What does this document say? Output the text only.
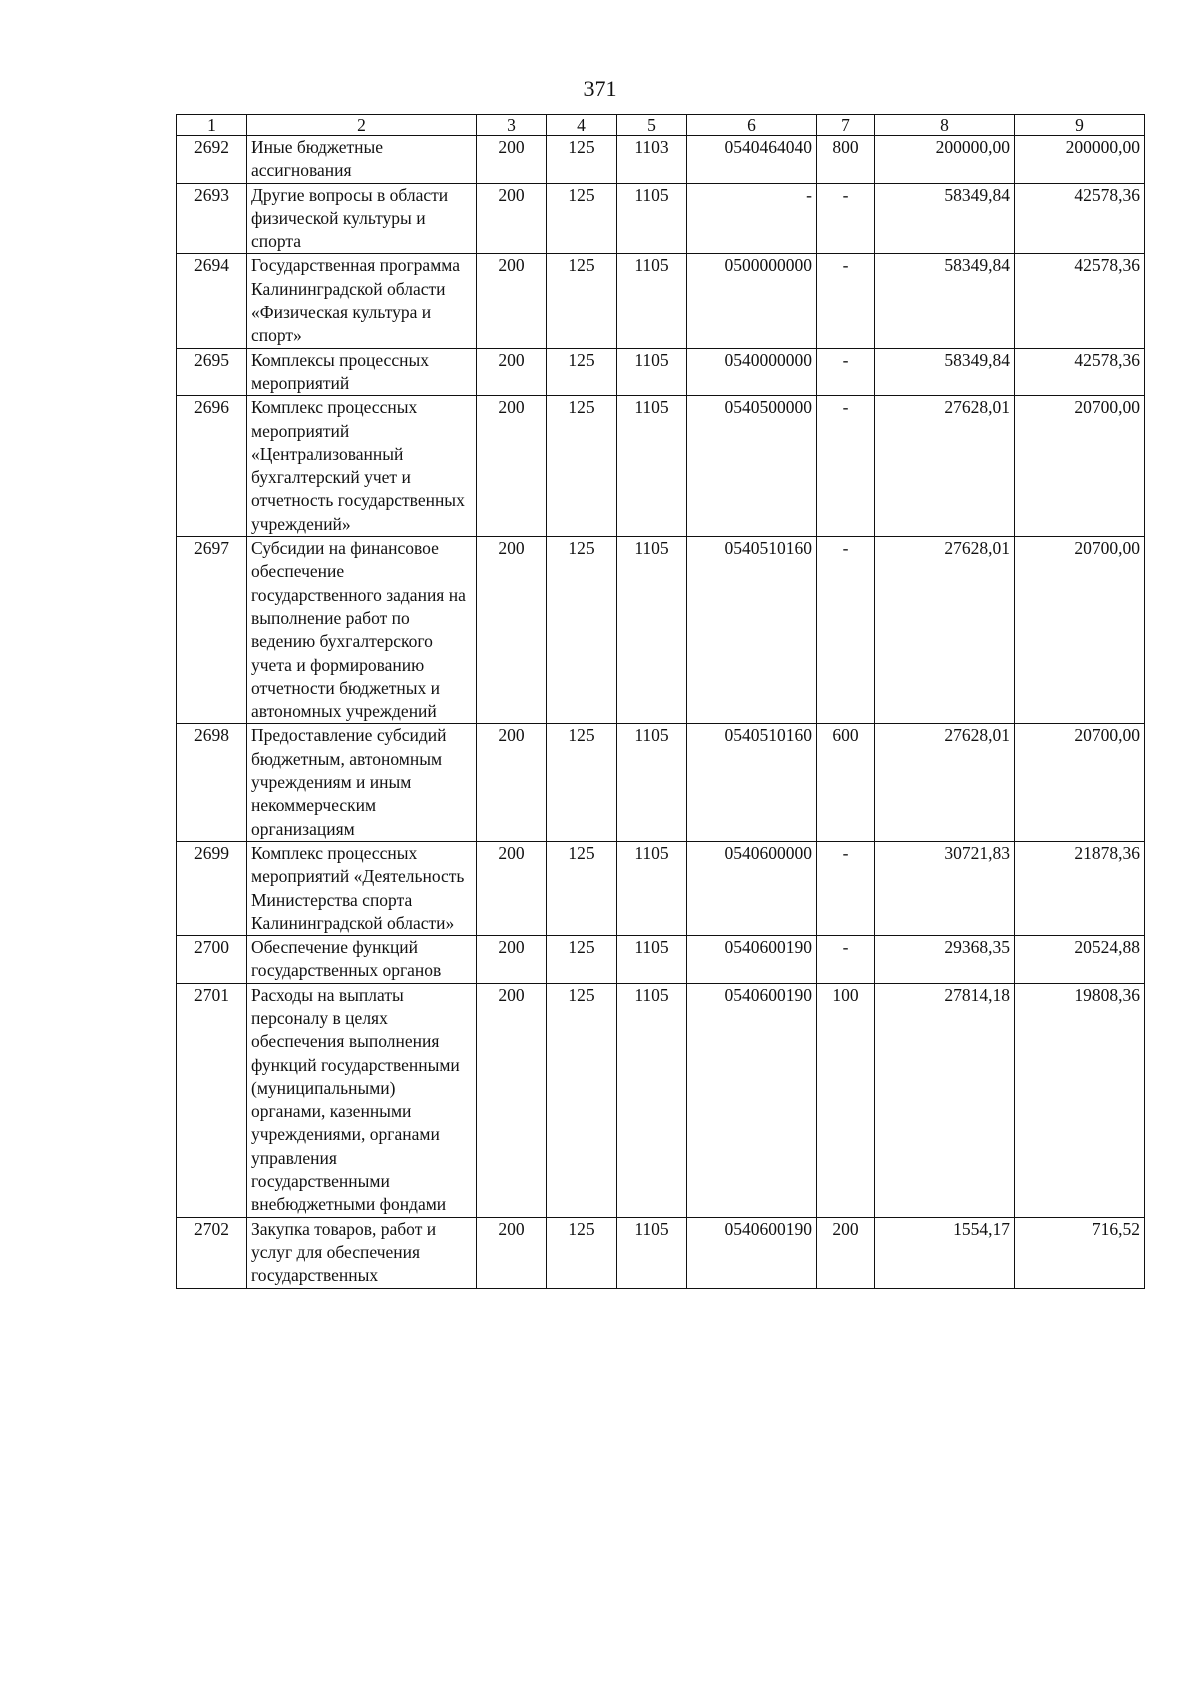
371
1	2	3	4	5	6	7	8	9
2692	Иные бюджетные ассигнования	200	125	1103	0540464040	800	200000,00	200000,00
2693	Другие вопросы в области физической культуры и спорта	200	125	1105	-	-	58349,84	42578,36
2694	Государственная программа Калининградской области «Физическая культура и спорт»	200	125	1105	0500000000	-	58349,84	42578,36
2695	Комплексы процессных мероприятий	200	125	1105	0540000000	-	58349,84	42578,36
2696	Комплекс процессных мероприятий «Централизованный бухгалтерский учет и отчетность государственных учреждений»	200	125	1105	0540500000	-	27628,01	20700,00
2697	Субсидии на финансовое обеспечение государственного задания на выполнение работ по ведению бухгалтерского учета и формированию отчетности бюджетных и автономных учреждений	200	125	1105	0540510160	-	27628,01	20700,00
2698	Предоставление субсидий бюджетным, автономным учреждениям и иным некоммерческим организациям	200	125	1105	0540510160	600	27628,01	20700,00
2699	Комплекс процессных мероприятий «Деятельность Министерства спорта Калининградской области»	200	125	1105	0540600000	-	30721,83	21878,36
2700	Обеспечение функций государственных органов	200	125	1105	0540600190	-	29368,35	20524,88
2701	Расходы на выплаты персоналу в целях обеспечения выполнения функций государственными (муниципальными) органами, казенными учреждениями, органами управления государственными внебюджетными фондами	200	125	1105	0540600190	100	27814,18	19808,36
2702	Закупка товаров, работ и услуг для обеспечения государственных	200	125	1105	0540600190	200	1554,17	716,52
